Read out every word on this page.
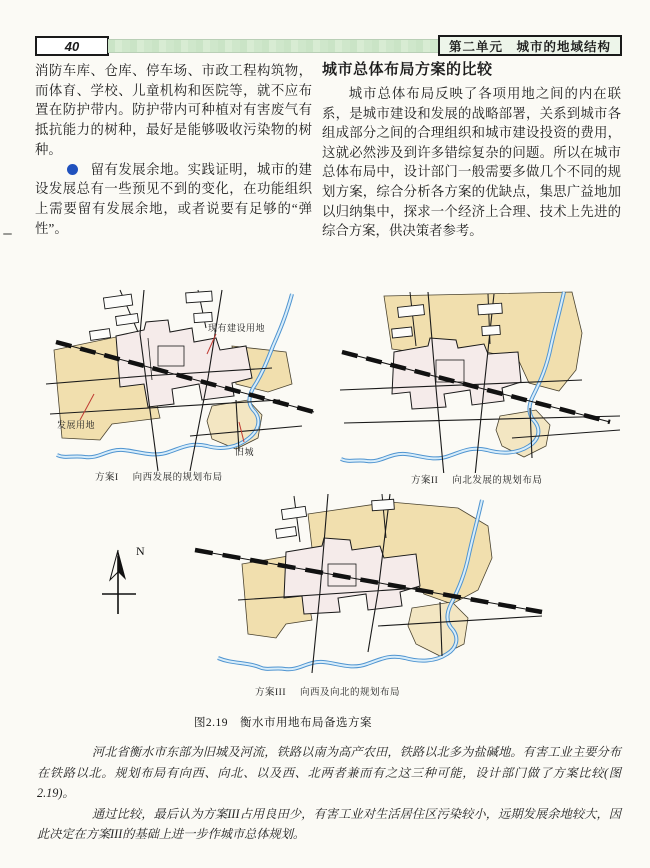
40	第二单元　城市的地域结构

消防车库、仓库、停车场、市政工程构筑物，而体育、学校、儿童机构和医院等，就不应布置在防护带内。防护带内可种植对有害废气有抵抗能力的树种，最好是能够吸收污染物的树种。

留有发展余地。实践证明，城市的建设发展总有一些预见不到的变化，在功能组织上需要留有发展余地，或者说要有足够的“弹性”。

城市总体布局方案的比较

城市总体布局反映了各项用地之间的内在联系，是城市建设和发展的战略部署，关系到城市各组成部分之间的合理组织和城市建设投资的费用，这就必然涉及到许多错综复杂的问题。所以在城市总体布局中，设计部门一般需要多做几个不同的规划方案，综合分析各方案的优缺点，集思广益地加以归纳集中，探求一个经济上合理、技术上先进的综合方案，供决策者参考。

现有建设用地
发展用地
旧城
N
方案I 向西发展的规划布局	方案II 向北发展的规划布局
方案III 向西及向北的规划布局
图2.19　衡水市用地布局备选方案

河北省衡水市东部为旧城及河流，铁路以南为高产农田，铁路以北多为盐碱地。有害工业主要分布在铁路以北。规划布局有向西、向北、以及西、北两者兼而有之这三种可能，设计部门做了方案比较(图2.19)。

通过比较，最后认为方案III占用良田少，有害工业对生活居住区污染较小，远期发展余地较大，因此决定在方案III的基础上进一步作城市总体规划。
